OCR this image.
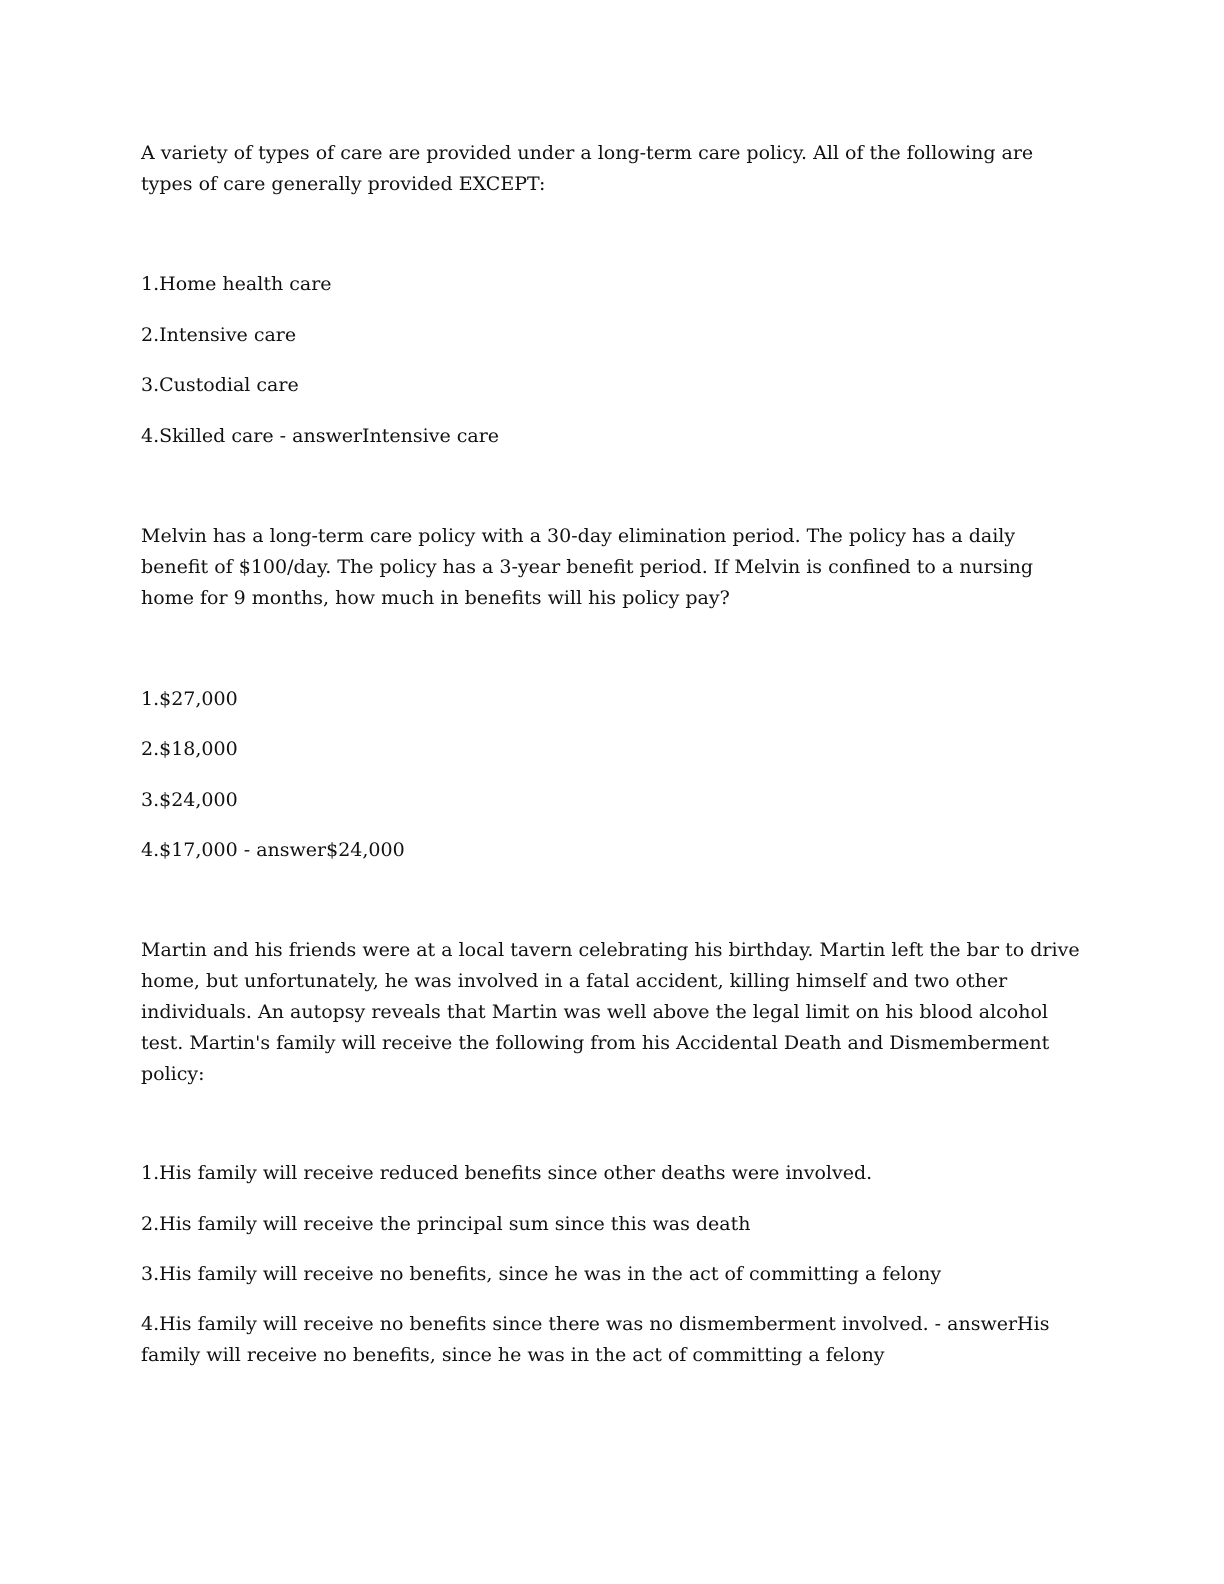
A variety of types of care are provided under a long-term care policy. All of the following are types of care generally provided EXCEPT:

1.Home health care

2.Intensive care

3.Custodial care

4.Skilled care - answerIntensive care

Melvin has a long-term care policy with a 30-day elimination period. The policy has a daily benefit of $100/day. The policy has a 3-year benefit period. If Melvin is confined to a nursing home for 9 months, how much in benefits will his policy pay?

1.$27,000

2.$18,000

3.$24,000

4.$17,000 - answer$24,000

Martin and his friends were at a local tavern celebrating his birthday. Martin left the bar to drive home, but unfortunately, he was involved in a fatal accident, killing himself and two other individuals. An autopsy reveals that Martin was well above the legal limit on his blood alcohol test. Martin's family will receive the following from his Accidental Death and Dismemberment policy:

1.His family will receive reduced benefits since other deaths were involved.

2.His family will receive the principal sum since this was death

3.His family will receive no benefits, since he was in the act of committing a felony

4.His family will receive no benefits since there was no dismemberment involved. - answerHis family will receive no benefits, since he was in the act of committing a felony
